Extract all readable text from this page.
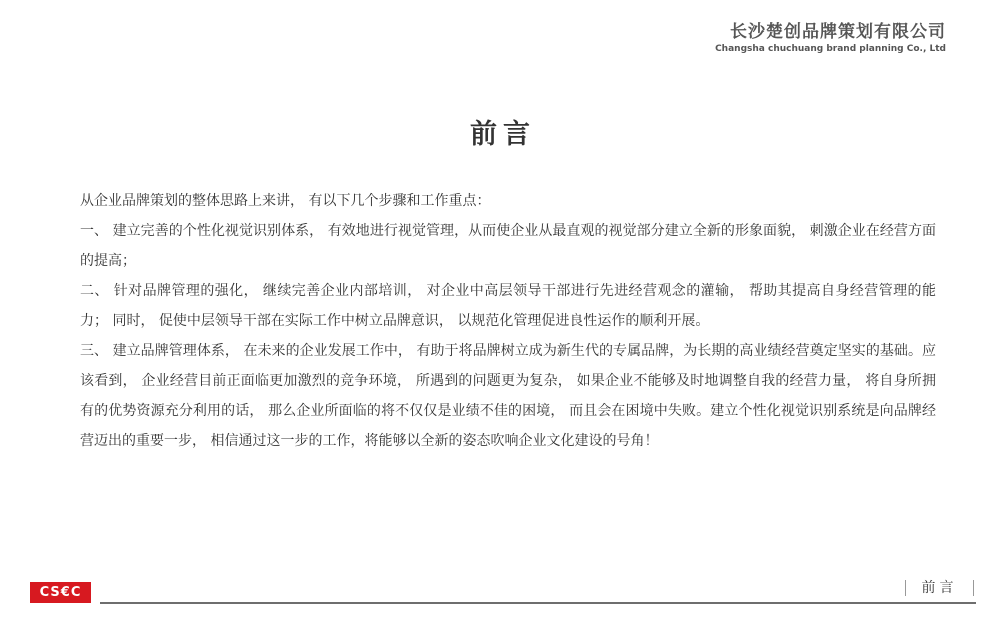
长沙楚创品牌策划有限公司
Changsha chuchuang brand planning Co., Ltd
前言

从企业品牌策划的整体思路上来讲， 有以下几个步骤和工作重点：

一、 建立完善的个性化视觉识别体系， 有效地进行视觉管理，从而使企业从最直观的视觉部分建立全新的形象面貌， 刺激企业在经营方面的提高；

二、 针对品牌管理的强化， 继续完善企业内部培训， 对企业中高层领导干部进行先进经营观念的灌输， 帮助其提高自身经营管理的能力； 同时， 促使中层领导干部在实际工作中树立品牌意识， 以规范化管理促进良性运作的顺利开展。

三、 建立品牌管理体系， 在未来的企业发展工作中， 有助于将品牌树立成为新生代的专属品牌，为长期的高业绩经营奠定坚实的基础。应该看到， 企业经营目前正面临更加激烈的竞争环境， 所遇到的问题更为复杂， 如果企业不能够及时地调整自我的经营力量， 将自身所拥有的优势资源充分利用的话， 那么企业所面临的将不仅仅是业绩不佳的困境， 而且会在困境中失败。建立个性化视觉识别系统是向品牌经营迈出的重要一步， 相信通过这一步的工作，将能够以全新的姿态吹响企业文化建设的号角！

CS€C	前言
